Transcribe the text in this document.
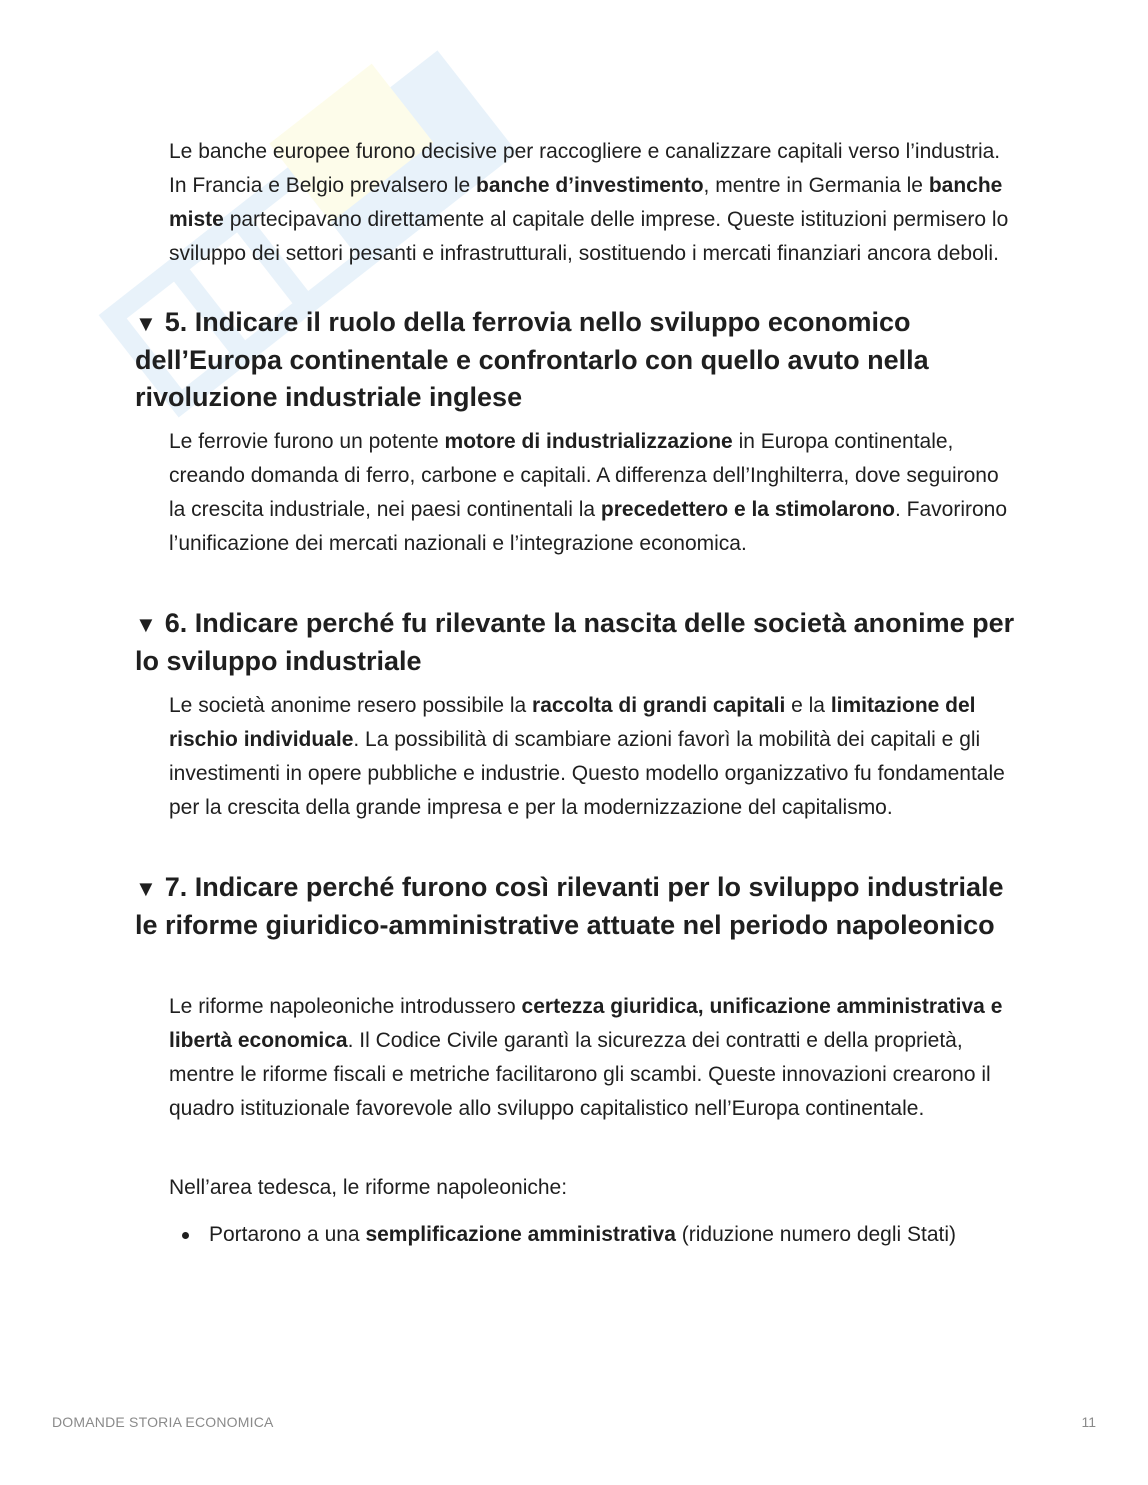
Le banche europee furono decisive per raccogliere e canalizzare capitali verso l’industria. In Francia e Belgio prevalsero le banche d’investimento, mentre in Germania le banche miste partecipavano direttamente al capitale delle imprese. Queste istituzioni permisero lo sviluppo dei settori pesanti e infrastrutturali, sostituendo i mercati finanziari ancora deboli.

▼ 5. Indicare il ruolo della ferrovia nello sviluppo economico dell’Europa continentale e confrontarlo con quello avuto nella rivoluzione industriale inglese

Le ferrovie furono un potente motore di industrializzazione in Europa continentale, creando domanda di ferro, carbone e capitali. A differenza dell’Inghilterra, dove seguirono la crescita industriale, nei paesi continentali la precedettero e la stimolarono. Favorirono l’unificazione dei mercati nazionali e l’integrazione economica.

▼ 6. Indicare perché fu rilevante la nascita delle società anonime per lo sviluppo industriale

Le società anonime resero possibile la raccolta di grandi capitali e la limitazione del rischio individuale. La possibilità di scambiare azioni favorì la mobilità dei capitali e gli investimenti in opere pubbliche e industrie. Questo modello organizzativo fu fondamentale per la crescita della grande impresa e per la modernizzazione del capitalismo.

▼ 7. Indicare perché furono così rilevanti per lo sviluppo industriale le riforme giuridico-amministrative attuate nel periodo napoleonico

Le riforme napoleoniche introdussero certezza giuridica, unificazione amministrativa e libertà economica. Il Codice Civile garantì la sicurezza dei contratti e della proprietà, mentre le riforme fiscali e metriche facilitarono gli scambi. Queste innovazioni crearono il quadro istituzionale favorevole allo sviluppo capitalistico nell’Europa continentale.

Nell’area tedesca, le riforme napoleoniche:

Portarono a una semplificazione amministrativa (riduzione numero degli Stati)
DOMANDE STORIA ECONOMICA	11
